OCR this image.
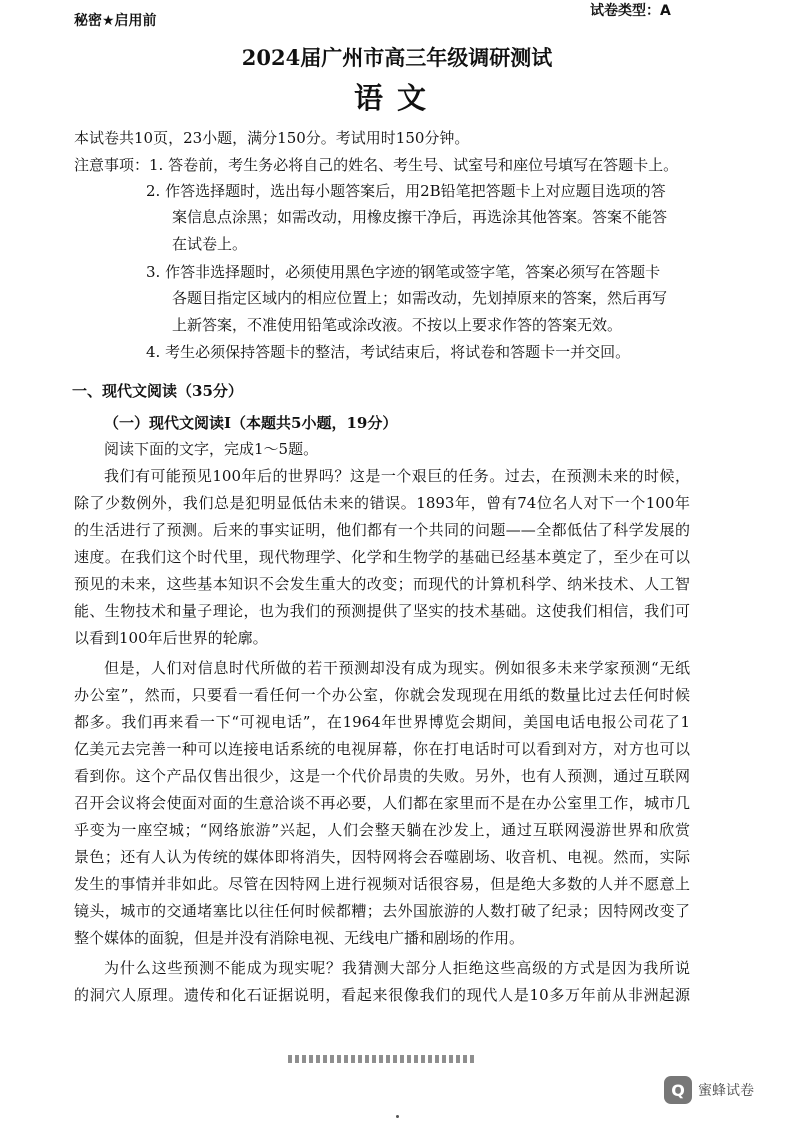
秘密★启用前
试卷类型：A
2024届广州市高三年级调研测试
语文
本试卷共10页，23小题，满分150分。考试用时150分钟。
注意事项：1. 答卷前，考生务必将自己的姓名、考生号、试室号和座位号填写在答题卡上。
2. 作答选择题时，选出每小题答案后，用2B铅笔把答题卡上对应题目选项的答
案信息点涂黑；如需改动，用橡皮擦干净后，再选涂其他答案。答案不能答
在试卷上。
3. 作答非选择题时，必须使用黑色字迹的钢笔或签字笔，答案必须写在答题卡
各题目指定区域内的相应位置上；如需改动，先划掉原来的答案，然后再写
上新答案，不准使用铅笔或涂改液。不按以上要求作答的答案无效。
4. 考生必须保持答题卡的整洁，考试结束后，将试卷和答题卡一并交回。
一、现代文阅读（35分）
（一）现代文阅读Ⅰ（本题共5小题，19分）
阅读下面的文字，完成1～5题。
我们有可能预见100年后的世界吗？这是一个艰巨的任务。过去，在预测未来的时候，
除了少数例外，我们总是犯明显低估未来的错误。1893年，曾有74位名人对下一个100年
的生活进行了预测。后来的事实证明，他们都有一个共同的问题——全都低估了科学发展的
速度。在我们这个时代里，现代物理学、化学和生物学的基础已经基本奠定了，至少在可以
预见的未来，这些基本知识不会发生重大的改变；而现代的计算机科学、纳米技术、人工智
能、生物技术和量子理论，也为我们的预测提供了坚实的技术基础。这使我们相信，我们可
以看到100年后世界的轮廓。
但是，人们对信息时代所做的若干预测却没有成为现实。例如很多未来学家预测“无纸
办公室”，然而，只要看一看任何一个办公室，你就会发现现在用纸的数量比过去任何时候
都多。我们再来看一下“可视电话”，在1964年世界博览会期间，美国电话电报公司花了1
亿美元去完善一种可以连接电话系统的电视屏幕，你在打电话时可以看到对方，对方也可以
看到你。这个产品仅售出很少，这是一个代价昂贵的失败。另外，也有人预测，通过互联网
召开会议将会使面对面的生意洽谈不再必要，人们都在家里而不是在办公室里工作，城市几
乎变为一座空城；“网络旅游”兴起，人们会整天躺在沙发上，通过互联网漫游世界和欣赏
景色；还有人认为传统的媒体即将消失，因特网将会吞噬剧场、收音机、电视。然而，实际
发生的事情并非如此。尽管在因特网上进行视频对话很容易，但是绝大多数的人并不愿意上
镜头，城市的交通堵塞比以往任何时候都糟；去外国旅游的人数打破了纪录；因特网改变了
整个媒体的面貌，但是并没有消除电视、无线电广播和剧场的作用。
为什么这些预测不能成为现实呢？我猜测大部分人拒绝这些高级的方式是因为我所说
的洞穴人原理。遗传和化石证据说明，看起来很像我们的现代人是10多万年前从非洲起源
Q 蜜蜂试卷
